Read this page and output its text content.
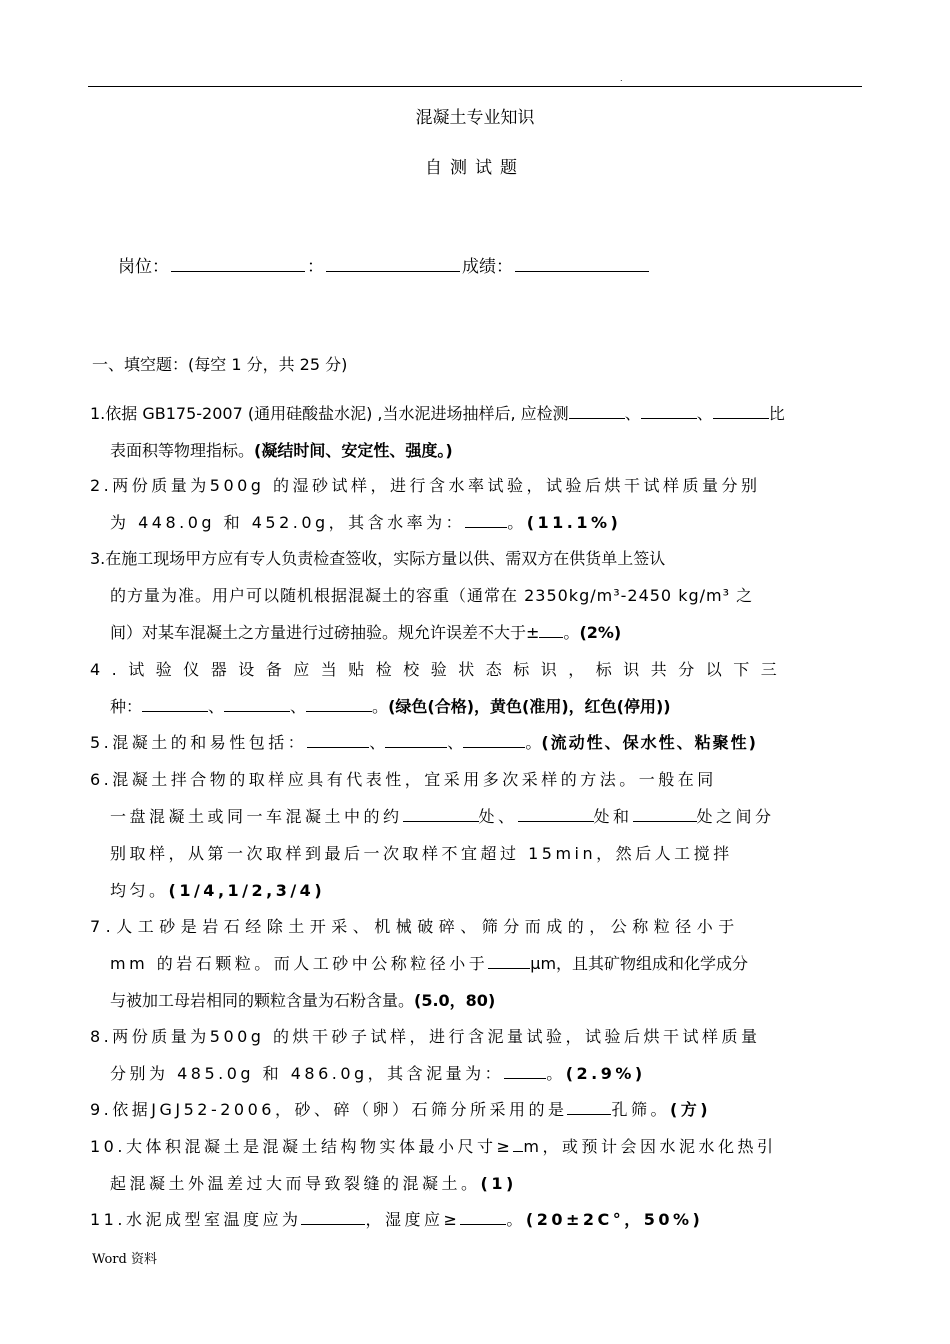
.
混凝土专业知识
自测试题
岗位：	：	成绩：
一、填空题：(每空 1 分，共 25 分)
1.依据 GB175-2007 (通用硅酸盐水泥) ,当水泥进场抽样后, 应检测	、	、	比
表面积等物理指标。(凝结时间、安定性、强度。)
2.两份质量为500g 的湿砂试样，进行含水率试验，试验后烘干试样质量分别
为 448.0g 和 452.0g，其含水率为：	。(11.1%)
3.在施工现场甲方应有专人负责检查签收，实际方量以供、需双方在供货单上签认
的方量为准。用户可以随机根据混凝土的容重（通常在 2350kg/m³-2450 kg/m³ 之
间）对某车混凝土之方量进行过磅抽验。规允许误差不大于± 。(2%)
4.试验仪器设备应当贴检校验状态标识，标识共分以下三
种：	、	、	。(绿色(合格)，黄色(准用)，红色(停用))
5.混凝土的和易性包括：	、	、	。(流动性、保水性、粘聚性)
6.混凝土拌合物的取样应具有代表性，宜采用多次采样的方法。一般在同
一盘混凝土或同一车混凝土中的约	处、	处和	处之间分
别取样，从第一次取样到最后一次取样不宜超过 15min，然后人工搅拌
均匀。(1/4,1/2,3/4)
7.人工砂是岩石经除土开采、机械破碎、筛分而成的，公称粒径小于
mm 的岩石颗粒。而人工砂中公称粒径小于	μm，且其矿物组成和化学成分
与被加工母岩相同的颗粒含量为石粉含量。(5.0，80)
8.两份质量为500g 的烘干砂子试样，进行含泥量试验，试验后烘干试样质量
分别为 485.0g 和 486.0g，其含泥量为：	。(2.9%)
9.依据JGJ52-2006，砂、碎（卵）石筛分所采用的是	孔筛。(方)
10.大体积混凝土是混凝土结构物实体最小尺寸≥ m，或预计会因水泥水化热引
起混凝土外温差过大而导致裂缝的混凝土。(1)
11.水泥成型室温度应为	，湿度应≥	。(20±2C°，50%)
Word 资料
